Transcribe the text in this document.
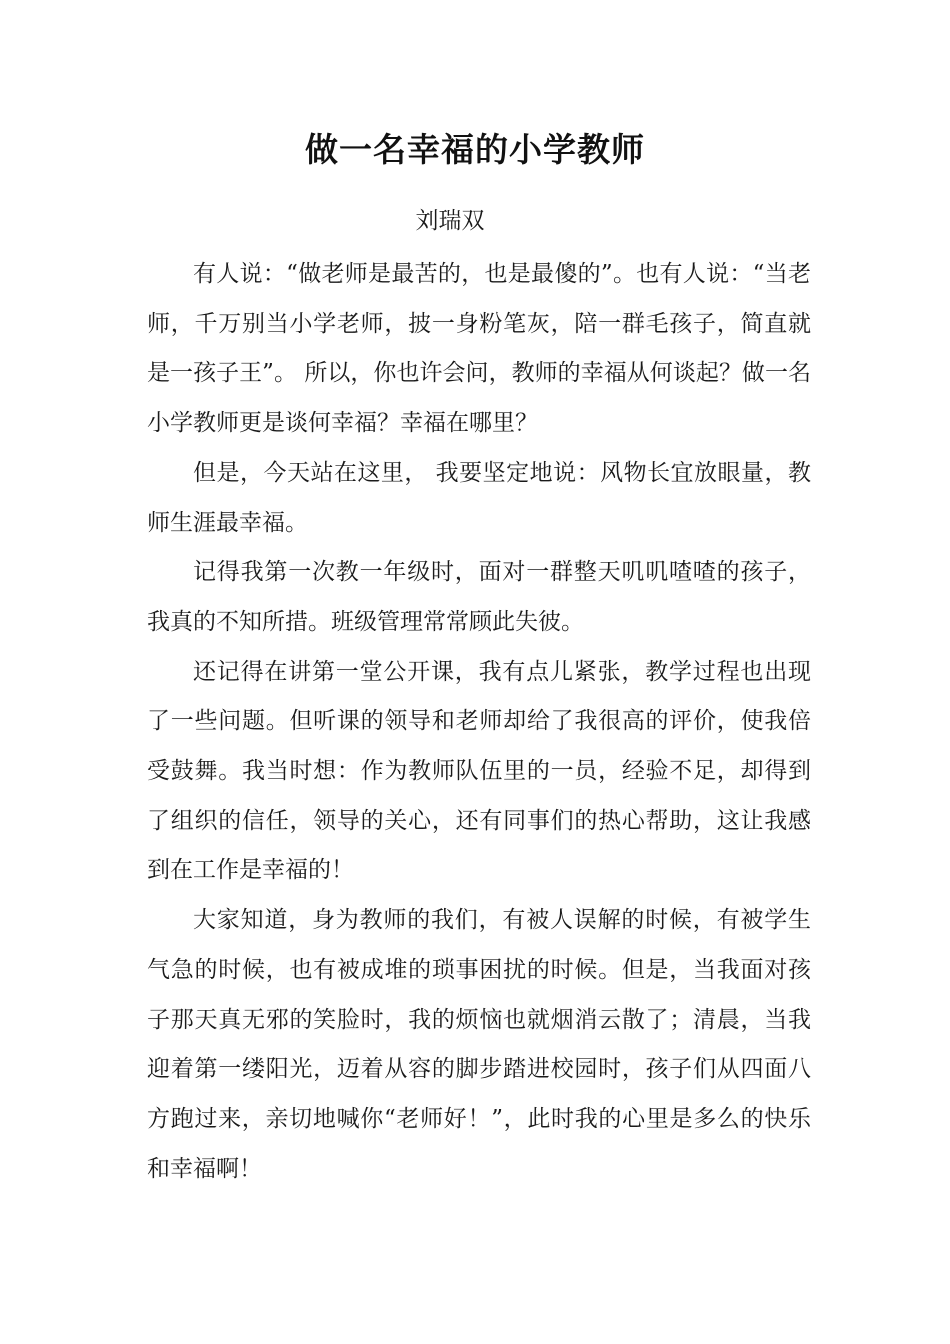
做一名幸福的小学教师
刘瑞双

有人说：“做老师是最苦的，也是最傻的”。也有人说：“当老师，千万别当小学老师，披一身粉笔灰，陪一群毛孩子，简直就是一孩子王”。 所以，你也许会问，教师的幸福从何谈起？做一名小学教师更是谈何幸福？幸福在哪里？

但是，今天站在这里， 我要坚定地说：风物长宜放眼量，教师生涯最幸福。

记得我第一次教一年级时，面对一群整天叽叽喳喳的孩子，我真的不知所措。班级管理常常顾此失彼。

还记得在讲第一堂公开课，我有点儿紧张，教学过程也出现了一些问题。但听课的领导和老师却给了我很高的评价，使我倍受鼓舞。我当时想：作为教师队伍里的一员，经验不足，却得到了组织的信任，领导的关心，还有同事们的热心帮助，这让我感到在工作是幸福的！

大家知道，身为教师的我们，有被人误解的时候，有被学生气急的时候，也有被成堆的琐事困扰的时候。但是，当我面对孩子那天真无邪的笑脸时，我的烦恼也就烟消云散了；清晨，当我迎着第一缕阳光，迈着从容的脚步踏进校园时，孩子们从四面八方跑过来，亲切地喊你“老师好！”，此时我的心里是多么的快乐和幸福啊！
